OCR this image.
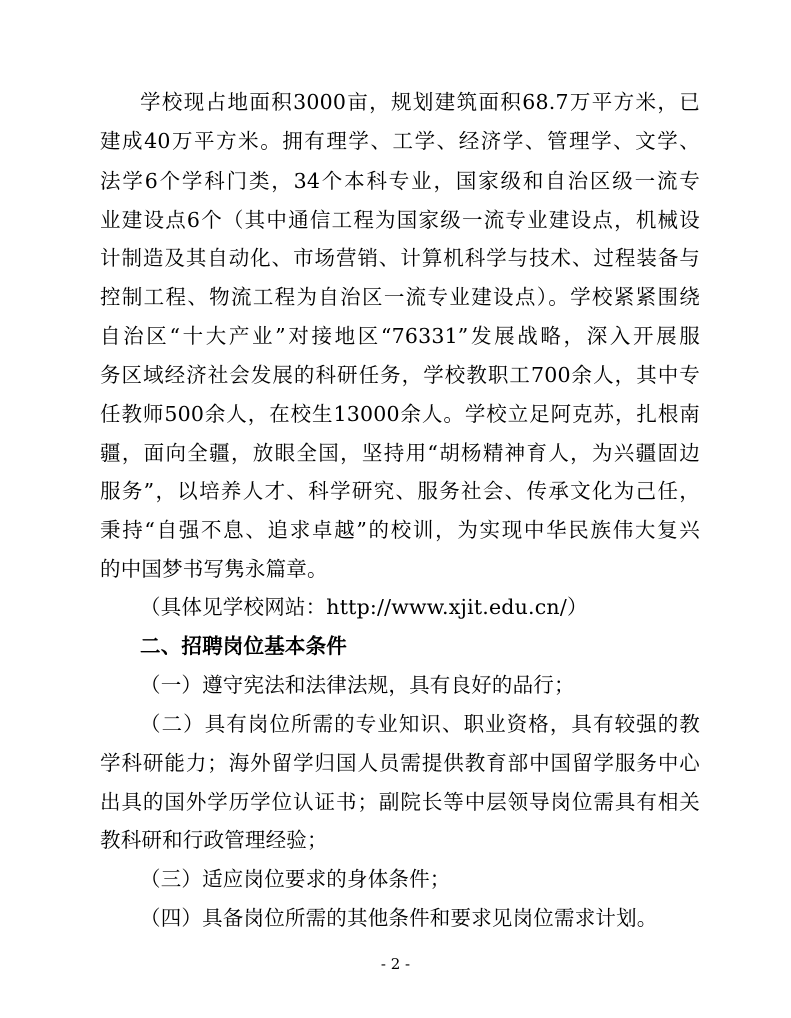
学校现占地面积3000亩，规划建筑面积68.7万平方米，已
建成40万平方米。拥有理学、工学、经济学、管理学、文学、
法学6个学科门类，34个本科专业，国家级和自治区级一流专
业建设点6个（其中通信工程为国家级一流专业建设点，机械设
计制造及其自动化、市场营销、计算机科学与技术、过程装备与
控制工程、物流工程为自治区一流专业建设点）。学校紧紧围绕
自治区“十大产业”对接地区“76331”发展战略，深入开展服
务区域经济社会发展的科研任务，学校教职工700余人，其中专
任教师500余人，在校生13000余人。学校立足阿克苏，扎根南
疆，面向全疆，放眼全国，坚持用“胡杨精神育人，为兴疆固边
服务”，以培养人才、科学研究、服务社会、传承文化为己任，
秉持“自强不息、追求卓越”的校训，为实现中华民族伟大复兴
的中国梦书写隽永篇章。
（具体见学校网站：http://www.xjit.edu.cn/）
二、招聘岗位基本条件
（一）遵守宪法和法律法规，具有良好的品行；
（二）具有岗位所需的专业知识、职业资格，具有较强的教
学科研能力；海外留学归国人员需提供教育部中国留学服务中心
出具的国外学历学位认证书；副院长等中层领导岗位需具有相关
教科研和行政管理经验；
（三）适应岗位要求的身体条件；
（四）具备岗位所需的其他条件和要求见岗位需求计划。
- 2 -
